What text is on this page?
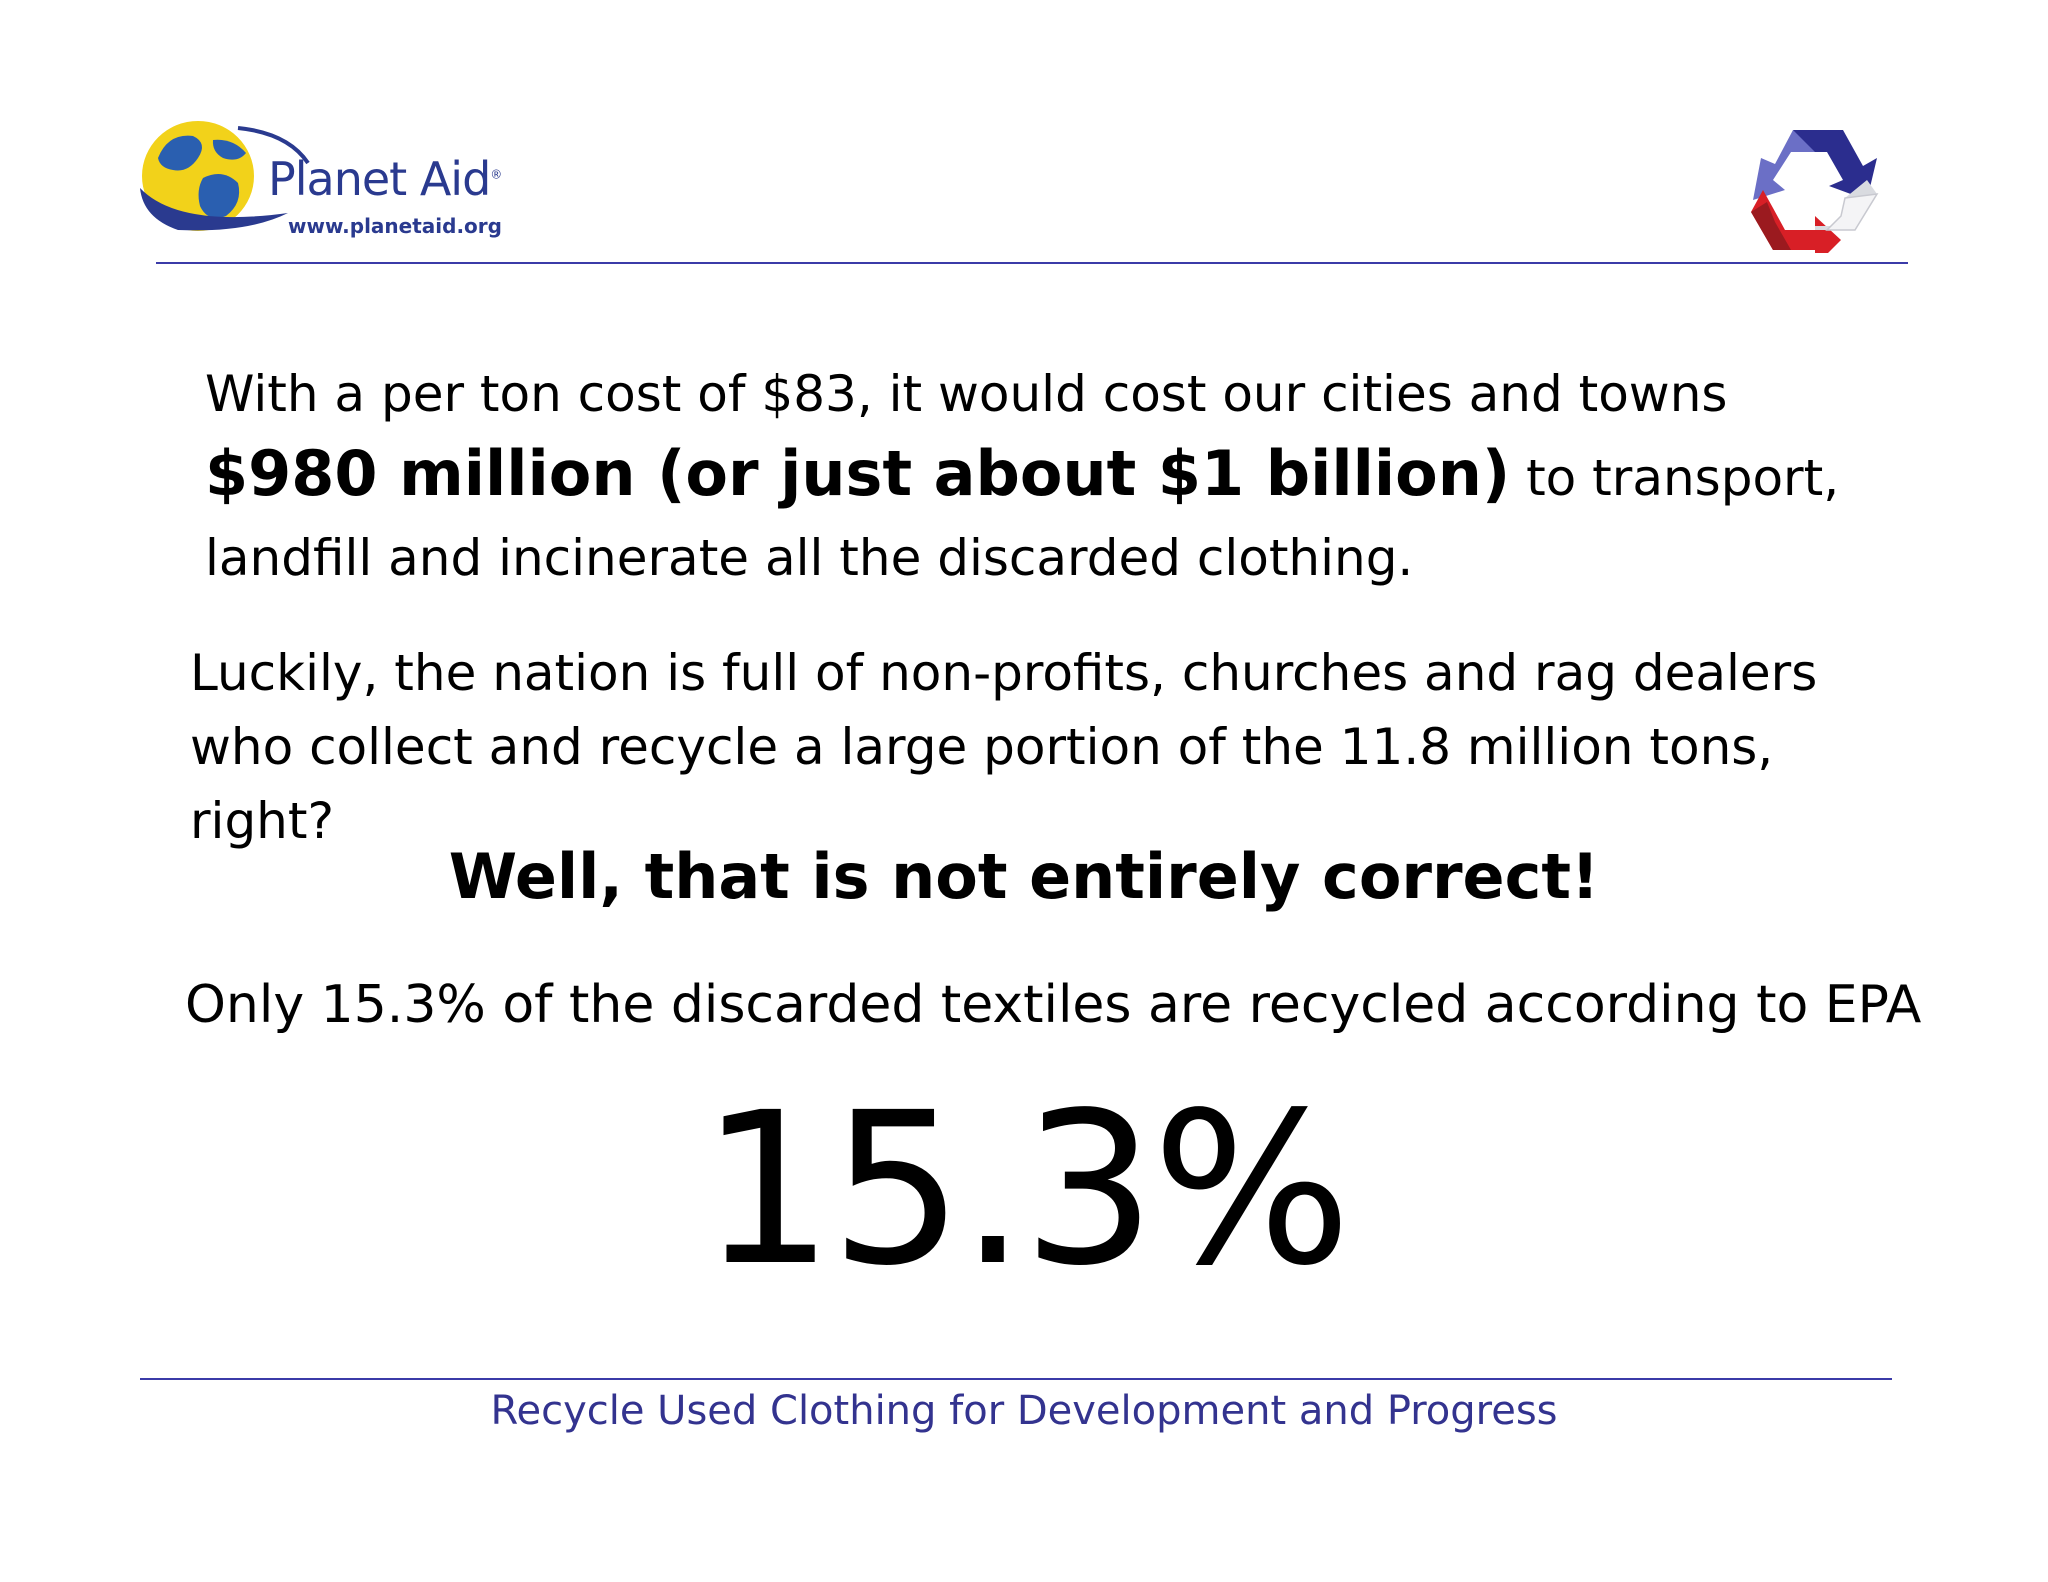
Planet Aid®
www.planetaid.org
With a per ton cost of $83, it would cost our cities and towns
$980 million (or just about $1 billion) to transport,
landfill and incinerate all the discarded clothing.
Luckily, the nation is full of non-profits, churches and rag dealers
who collect and recycle a large portion of the 11.8 million tons,
right?
Well, that is not entirely correct!
Only 15.3% of the discarded textiles are recycled according to EPA
15.3%
Recycle Used Clothing for Development and Progress
